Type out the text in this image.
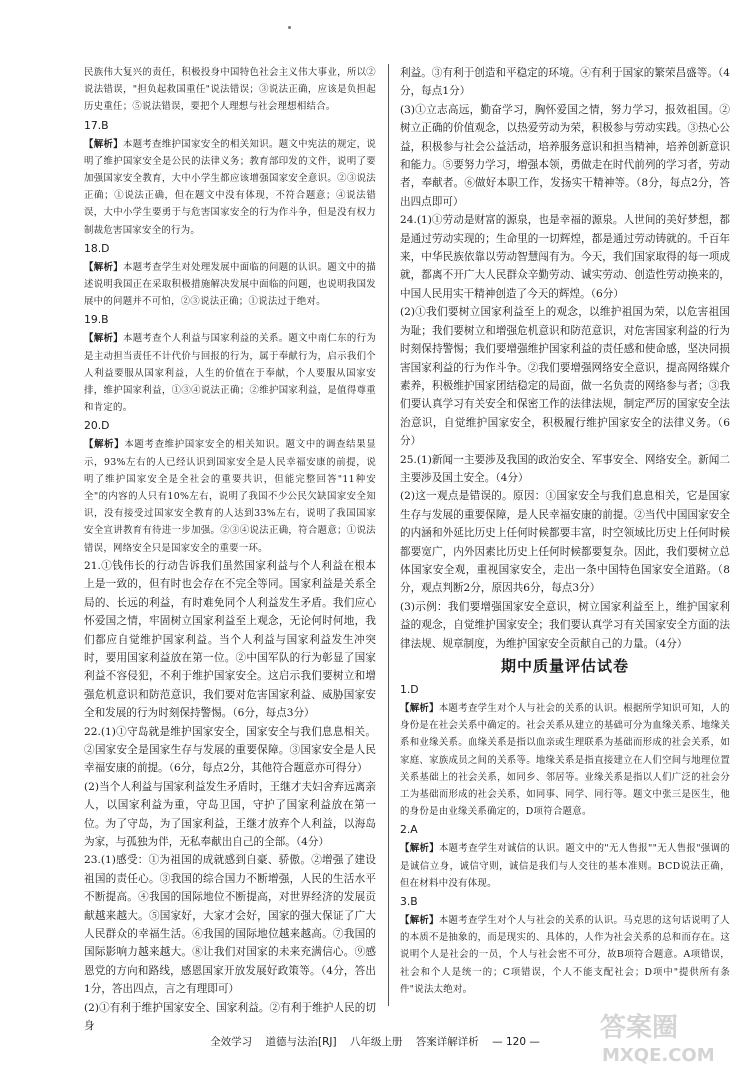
民族伟大复兴的责任，积极投身中国特色社会主义伟大事业，所以②说法错误，"担负起救国重任"说法错误；③说法正确，应该是负担起历史重任；⑤说法错误，要把个人理想与社会理想相结合。

17.B

【解析】本题考查维护国家安全的相关知识。题文中宪法的规定，说明了维护国家安全是公民的法律义务；教育部印发的文件，说明了要加强国家安全教育，大中小学生都应该增强国家安全意识。②③说法正确；①说法正确，但在题文中没有体现，不符合题意；④说法错误，大中小学生要勇于与危害国家安全的行为作斗争，但是没有权力制裁危害国家安全的行为。

18.D

【解析】本题考查学生对处理发展中面临的问题的认识。题文中的描述说明我国正在采取积极措施解决发展中面临的问题，也说明我国发展中的问题并不可怕，②③说法正确；①说法过于绝对。

19.B

【解析】本题考查个人利益与国家利益的关系。题文中南仁东的行为是主动担当责任不计代价与回报的行为，属于奉献行为，启示我们个人利益要服从国家利益，人生的价值在于奉献，个人要服从国家安排，维护国家利益，①③④说法正确；②维护国家利益，是值得尊重和肯定的。

20.D

【解析】本题考查维护国家安全的相关知识。题文中的调查结果显示，93%左右的人已经认识到国家安全是人民幸福安康的前提，说明了维护国家安全是全社会的重要共识，但能完整回答"11种安全"的内容的人只有10%左右，说明了我国不少公民欠缺国家安全知识，没有接受过国家安全教育的人达到33%左右，说明了我国国家安全宣讲教育有待进一步加强。②③④说法正确，符合题意；①说法错误，网络安全只是国家安全的重要一环。

21.①钱伟长的行动告诉我们虽然国家利益与个人利益在根本上是一致的，但有时也会存在不完全等同。国家利益是关系全局的、长远的利益，有时难免同个人利益发生矛盾。我们应心怀爱国之情，牢固树立国家利益至上观念，无论何时何地，我们都应自觉维护国家利益。当个人利益与国家利益发生冲突时，要用国家利益放在第一位。②中国军队的行为彰显了国家利益不容侵犯，不利于维护国家安全。这启示我们要树立和增强危机意识和防范意识，我们要对危害国家利益、威胁国家安全和发展的行为时刻保持警惕。（6分，每点3分）

22.(1)①守岛就是维护国家安全，国家安全与我们息息相关。②国家安全是国家生存与发展的重要保障。③国家安全是人民幸福安康的前提。（6分，每点2分，其他符合题意亦可得分）

(2)当个人利益与国家利益发生矛盾时，王继才夫妇舍弃远离亲人，以国家利益为重，守岛卫国，守护了国家利益放在第一位。为了守岛，为了国家利益，王继才放弃个人利益，以海岛为家，与孤独为伴，无私奉献出自己的全部。（4分）

23.(1)感受：①为祖国的成就感到自豪、骄傲。②增强了建设祖国的责任心。③我国的综合国力不断增强，人民的生活水平不断提高。④我国的国际地位不断提高，对世界经济的发展贡献越来越大。⑤国家好，大家才会好，国家的强大保证了广大人民群众的幸福生活。⑥我国的国际地位越来越高。⑦我国的国际影响力越来越大。⑧让我们对国家的未来充满信心。⑨感恩党的方向和路线，感恩国家开放发展好政策等。（4分，答出1分，答出四点，言之有理即可）

(2)①有利于维护国家安全、国家利益。②有利于维护人民的切身

利益。③有利于创造和平稳定的环境。④有利于国家的繁荣昌盛等。（4分，每点1分）

(3)①立志高远，勤奋学习，胸怀爱国之情，努力学习，报效祖国。②树立正确的价值观念，以热爱劳动为荣，积极参与劳动实践。③热心公益，积极参与社会公益活动，培养服务意识和担当精神，培养创新意识和能力。⑤要努力学习，增强本领，勇做走在时代前列的学习者，劳动者，奉献者。⑥做好本职工作，发扬实干精神等。（8分，每点2分，答出四点即可）

24.(1)①劳动是财富的源泉，也是幸福的源泉。人世间的美好梦想，都是通过劳动实现的；生命里的一切辉煌，都是通过劳动铸就的。千百年来，中华民族依靠以劳动智慧闯有为。今天，我们国家取得的每一项成就，都离不开广大人民群众辛勤劳动、诚实劳动、创造性劳动换来的，中国人民用实干精神创造了今天的辉煌。（6分）

(2)①我们要树立国家利益至上的观念，以维护祖国为荣，以危害祖国为耻；我们要树立和增强危机意识和防范意识，对危害国家利益的行为时刻保持警惕；我们要增强维护国家利益的责任感和使命感，坚决同损害国家利益的行为作斗争。②我们要增强网络安全意识，提高网络媒介素养，积极维护国家团结稳定的局面，做一名负责的网络参与者；③我们要认真学习有关安全和保密工作的法律法规，制定严厉的国家安全法治意识，自觉维护国家安全，积极履行维护国家安全的法律义务。（6分）

25.(1)新闻一主要涉及我国的政治安全、军事安全、网络安全。新闻二主要涉及国土安全。（4分）

(2)这一观点是错误的。原因：①国家安全与我们息息相关，它是国家生存与发展的重要保障，是人民幸福安康的前提。②当代中国国家安全的内涵和外延比历史上任何时候都要丰富，时空领域比历史上任何时候都要宽广，内外因素比历史上任何时候都要复杂。因此，我们要树立总体国家安全观，重视国家安全，走出一条中国特色国家安全道路。（8分，观点判断2分，原因共6分，每点3分）

(3)示例：我们要增强国家安全意识，树立国家利益至上，维护国家利益的观念，自觉维护国家安全；我们要认真学习有关国家安全方面的法律法规、规章制度，为维护国家安全贡献自己的力量。（4分）

期中质量评估试卷

1.D

【解析】本题考查学生对个人与社会的关系的认识。根据所学知识可知，人的身份是在社会关系中确定的。社会关系从建立的基础可分为血缘关系、地缘关系和业缘关系。血缘关系是指以血亲或生理联系为基础而形成的社会关系，如家庭、家族成员之间的关系等。地缘关系是指直接建立在人们空间与地理位置关系基础上的社会关系，如同乡、邻居等。业缘关系是指以人们广泛的社会分工为基础而形成的社会关系，如同事、同学、同行等。题文中张三是医生，他的身份是由业缘关系确定的，D项符合题意。

2.A

【解析】本题考查学生对诚信的认识。题文中的"无人售报""无人售报"强调的是诚信立身，诚信守则，诚信是我们与人交往的基本准则。BCD说法正确，但在材料中没有体现。

3.B

【解析】本题考查学生对个人与社会的关系的认识。马克思的这句话说明了人的本质不是抽象的，而是现实的、具体的，人作为社会关系的总和而存在。这说明个人是社会的一员，个人与社会密不可分，故B项符合题意。A项错误，社会和个人是统一的；C项错误，个人不能支配社会；D项中"提供所有条件"说法太绝对。

全效学习 道德与法治[RJ] 八年级上册 答案详解详析 — 120 —	答案圈
MXQE.COM
